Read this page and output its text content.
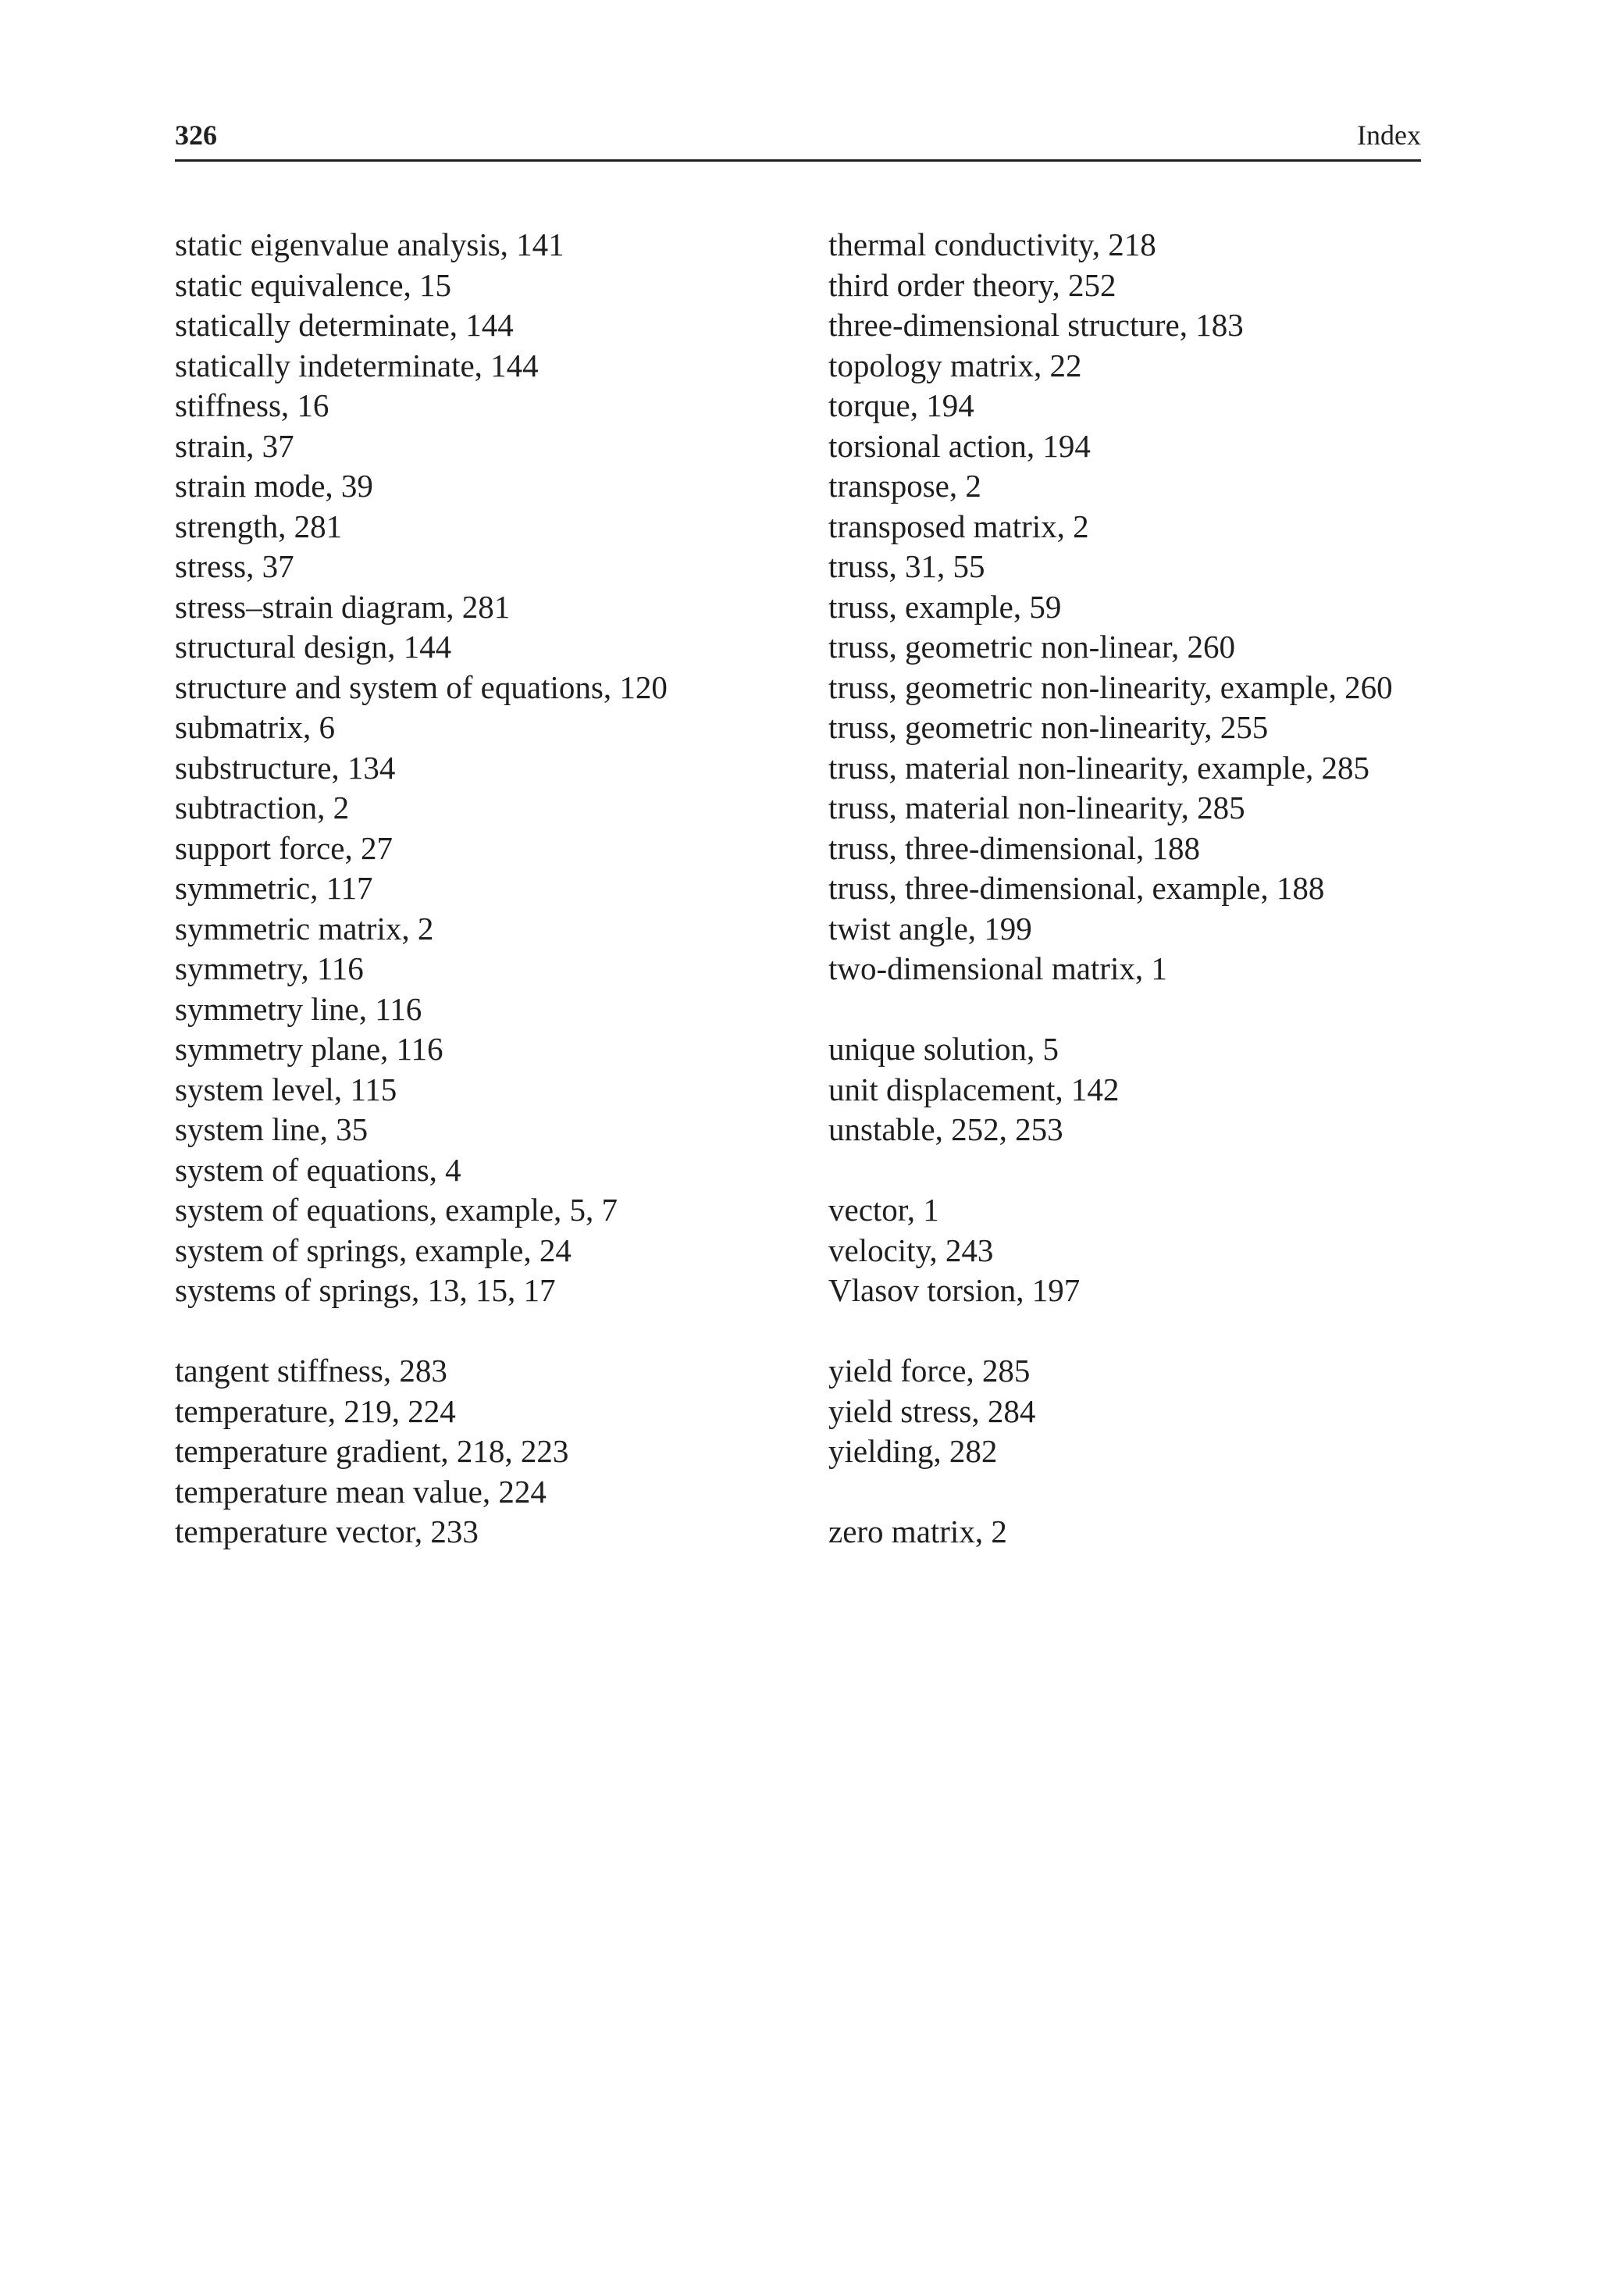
326	Index
static eigenvalue analysis, 141
static equivalence, 15
statically determinate, 144
statically indeterminate, 144
stiffness, 16
strain, 37
strain mode, 39
strength, 281
stress, 37
stress–strain diagram, 281
structural design, 144
structure and system of equations, 120
submatrix, 6
substructure, 134
subtraction, 2
support force, 27
symmetric, 117
symmetric matrix, 2
symmetry, 116
symmetry line, 116
symmetry plane, 116
system level, 115
system line, 35
system of equations, 4
system of equations, example, 5, 7
system of springs, example, 24
systems of springs, 13, 15, 17
tangent stiffness, 283
temperature, 219, 224
temperature gradient, 218, 223
temperature mean value, 224
temperature vector, 233
thermal conductivity, 218
third order theory, 252
three-dimensional structure, 183
topology matrix, 22
torque, 194
torsional action, 194
transpose, 2
transposed matrix, 2
truss, 31, 55
truss, example, 59
truss, geometric non-linear, 260
truss, geometric non-linearity, example, 260
truss, geometric non-linearity, 255
truss, material non-linearity, example, 285
truss, material non-linearity, 285
truss, three-dimensional, 188
truss, three-dimensional, example, 188
twist angle, 199
two-dimensional matrix, 1
unique solution, 5
unit displacement, 142
unstable, 252, 253
vector, 1
velocity, 243
Vlasov torsion, 197
yield force, 285
yield stress, 284
yielding, 282
zero matrix, 2
